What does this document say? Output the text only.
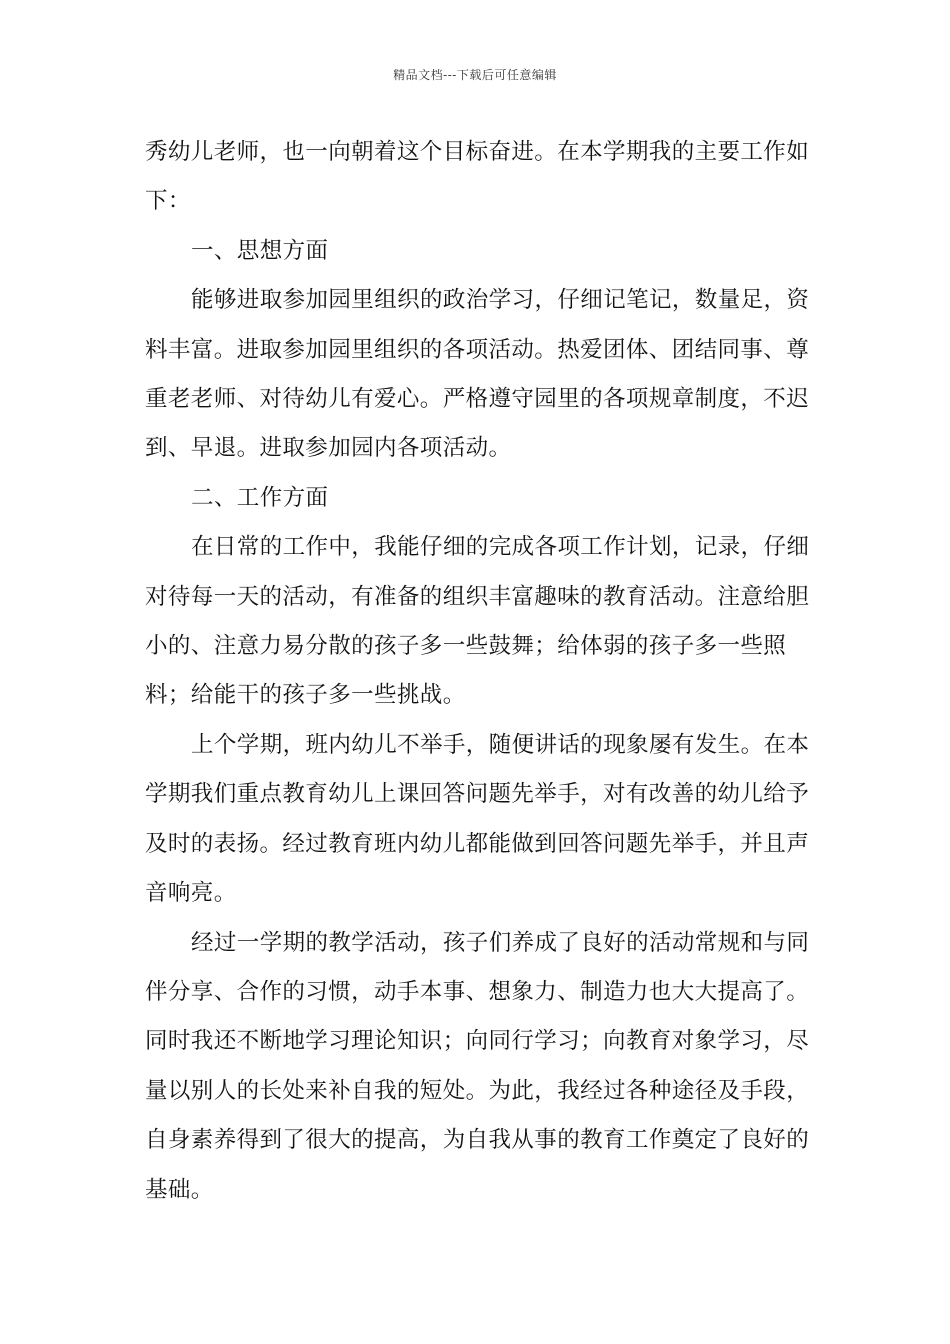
精品文档---下载后可任意编辑

秀幼儿老师，也一向朝着这个目标奋进。在本学期我的主要工作如下：

一、思想方面

能够进取参加园里组织的政治学习，仔细记笔记，数量足，资料丰富。进取参加园里组织的各项活动。热爱团体、团结同事、尊重老老师、对待幼儿有爱心。严格遵守园里的各项规章制度，不迟到、早退。进取参加园内各项活动。

二、工作方面

在日常的工作中，我能仔细的完成各项工作计划，记录，仔细对待每一天的活动，有准备的组织丰富趣味的教育活动。注意给胆小的、注意力易分散的孩子多一些鼓舞；给体弱的孩子多一些照料；给能干的孩子多一些挑战。

上个学期，班内幼儿不举手，随便讲话的现象屡有发生。在本学期我们重点教育幼儿上课回答问题先举手，对有改善的幼儿给予及时的表扬。经过教育班内幼儿都能做到回答问题先举手，并且声音响亮。

经过一学期的教学活动，孩子们养成了良好的活动常规和与同伴分享、合作的习惯，动手本事、想象力、制造力也大大提高了。同时我还不断地学习理论知识；向同行学习；向教育对象学习，尽量以别人的长处来补自我的短处。为此，我经过各种途径及手段，自身素养得到了很大的提高，为自我从事的教育工作奠定了良好的基础。
